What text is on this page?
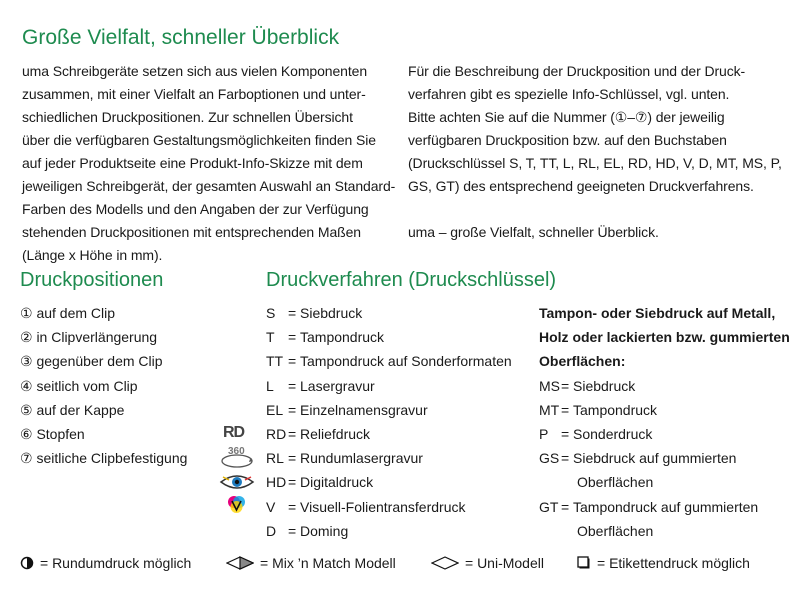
Große Vielfalt, schneller Überblick
uma Schreibgeräte setzen sich aus vielen Komponenten
zusammen, mit einer Vielfalt an Farboptionen und unter-
schiedlichen Druckpositionen. Zur schnellen Übersicht
über die verfügbaren Gestaltungsmöglichkeiten finden Sie
auf jeder Produktseite eine Produkt-Info-Skizze mit dem
jeweiligen Schreibgerät, der gesamten Auswahl an Standard-
Farben des Modells und den Angaben der zur Verfügung
stehenden Druckpositionen mit entsprechenden Maßen
(Länge x Höhe in mm).
Für die Beschreibung der Druckposition und der Druck-
verfahren gibt es spezielle Info-Schlüssel, vgl. unten.
Bitte achten Sie auf die Nummer (①–⑦) der jeweilig
verfügbaren Druckposition bzw. auf den Buchstaben
(Druckschlüssel S, T, TT, L, RL, EL, RD, HD, V, D, MT, MS, P,
GS, GT) des entsprechend geeigneten Druckverfahrens.
uma – große Vielfalt, schneller Überblick.
Druckpositionen	Druckverfahren (Druckschlüssel)
① auf dem Clip
② in Clipverlängerung
③ gegenüber dem Clip
④ seitlich vom Clip
⑤ auf der Kappe
⑥ Stopfen
⑦ seitliche Clipbefestigung
RD
360
S = Siebdruck
T = Tampondruck
TT = Tampondruck auf Sonderformaten
L = Lasergravur
EL = Einzelnamensgravur
RD = Reliefdruck
RL = Rundumlasergravur
HD = Digitaldruck
V = Visuell-Folientransferdruck
D = Doming
Tampon- oder Siebdruck auf Metall,
Holz oder lackierten bzw. gummierten
Oberflächen:
MS= Siebdruck
MT = Tampondruck
P = Sonderdruck
GS = Siebdruck auf gummierten
Oberflächen
GT = Tampondruck auf gummierten
Oberflächen
= Rundumdruck möglich	= Mix ’n Match Modell	= Uni-Modell	= Etikettendruck möglich
